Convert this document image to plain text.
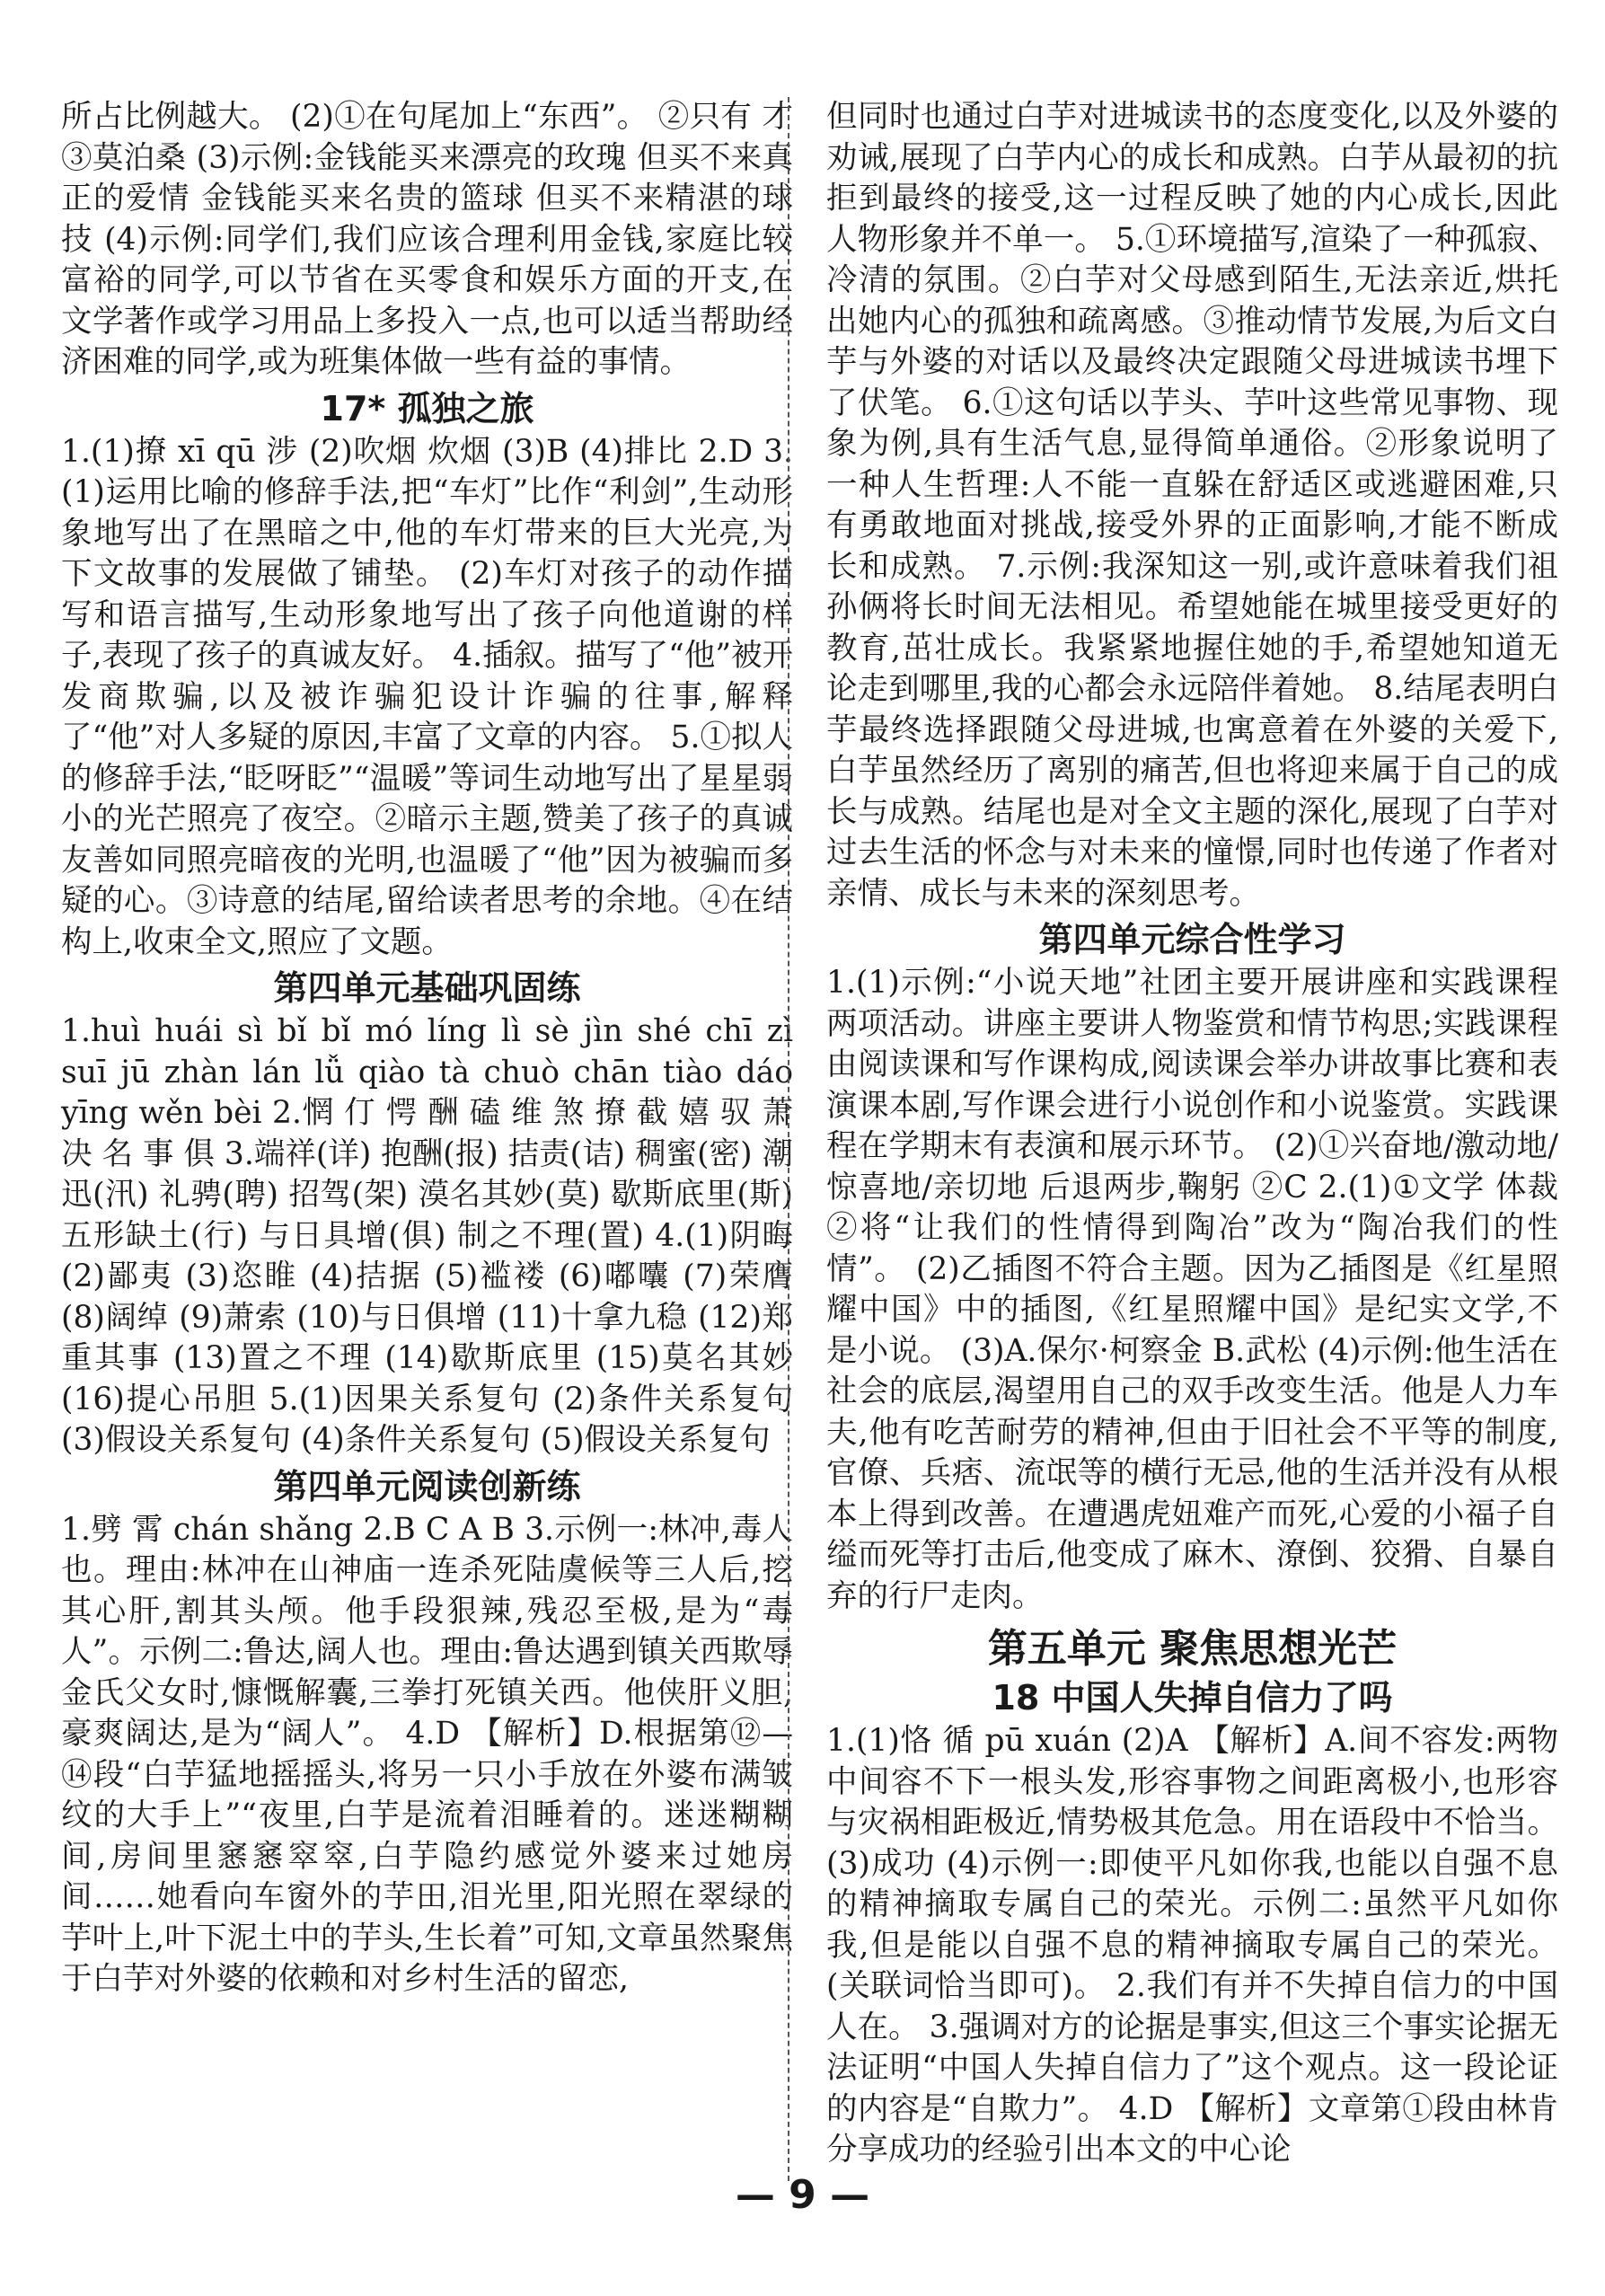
所占比例越大。 (2)①在句尾加上“东西”。 ②只有 才 ③莫泊桑 (3)示例:金钱能买来漂亮的玫瑰 但买不来真正的爱情 金钱能买来名贵的篮球 但买不来精湛的球技 (4)示例:同学们,我们应该合理利用金钱,家庭比较富裕的同学,可以节省在买零食和娱乐方面的开支,在文学著作或学习用品上多投入一点,也可以适当帮助经济困难的同学,或为班集体做一些有益的事情。

17* 孤独之旅

1.(1)撩 xī qū 涉 (2)吹烟 炊烟 (3)B (4)排比 2.D 3.(1)运用比喻的修辞手法,把“车灯”比作“利剑”,生动形象地写出了在黑暗之中,他的车灯带来的巨大光亮,为下文故事的发展做了铺垫。 (2)车灯对孩子的动作描写和语言描写,生动形象地写出了孩子向他道谢的样子,表现了孩子的真诚友好。 4.插叙。描写了“他”被开发商欺骗,以及被诈骗犯设计诈骗的往事,解释了“他”对人多疑的原因,丰富了文章的内容。 5.①拟人的修辞手法,“眨呀眨”“温暖”等词生动地写出了星星弱小的光芒照亮了夜空。②暗示主题,赞美了孩子的真诚友善如同照亮暗夜的光明,也温暖了“他”因为被骗而多疑的心。③诗意的结尾,留给读者思考的余地。④在结构上,收束全文,照应了文题。

第四单元基础巩固练

1.huì huái sì bǐ bǐ mó líng lì sè jìn shé chī zì suī jū zhàn lán lǚ qiào tà chuò chān tiào dáo yīng wěn bèi 2.惘 仃 愕 酬 磕 维 煞 撩 截 嬉 驭 萧 决 名 事 俱 3.端祥(详) 抱酬(报) 拮责(诘) 稠蜜(密) 潮迅(汛) 礼骋(聘) 招驾(架) 漠名其妙(莫) 歇斯底里(斯) 五形缺土(行) 与日具增(俱) 制之不理(置) 4.(1)阴晦 (2)鄙夷 (3)恣睢 (4)拮据 (5)褴褛 (6)嘟囔 (7)荣膺 (8)阔绰 (9)萧索 (10)与日俱增 (11)十拿九稳 (12)郑重其事 (13)置之不理 (14)歇斯底里 (15)莫名其妙 (16)提心吊胆 5.(1)因果关系复句 (2)条件关系复句 (3)假设关系复句 (4)条件关系复句 (5)假设关系复句

第四单元阅读创新练

1.劈 霄 chán shǎng 2.B C A B 3.示例一:林冲,毒人也。理由:林冲在山神庙一连杀死陆虞候等三人后,挖其心肝,割其头颅。他手段狠辣,残忍至极,是为“毒人”。示例二:鲁达,阔人也。理由:鲁达遇到镇关西欺辱金氏父女时,慷慨解囊,三拳打死镇关西。他侠肝义胆,豪爽阔达,是为“阔人”。 4.D 【解析】D.根据第⑫—⑭段“白芋猛地摇摇头,将另一只小手放在外婆布满皱纹的大手上”“夜里,白芋是流着泪睡着的。迷迷糊糊间,房间里窸窸窣窣,白芋隐约感觉外婆来过她房间……她看向车窗外的芋田,泪光里,阳光照在翠绿的芋叶上,叶下泥土中的芋头,生长着”可知,文章虽然聚焦于白芋对外婆的依赖和对乡村生活的留恋,

但同时也通过白芋对进城读书的态度变化,以及外婆的劝诫,展现了白芋内心的成长和成熟。白芋从最初的抗拒到最终的接受,这一过程反映了她的内心成长,因此人物形象并不单一。 5.①环境描写,渲染了一种孤寂、冷清的氛围。②白芋对父母感到陌生,无法亲近,烘托出她内心的孤独和疏离感。③推动情节发展,为后文白芋与外婆的对话以及最终决定跟随父母进城读书埋下了伏笔。 6.①这句话以芋头、芋叶这些常见事物、现象为例,具有生活气息,显得简单通俗。②形象说明了一种人生哲理:人不能一直躲在舒适区或逃避困难,只有勇敢地面对挑战,接受外界的正面影响,才能不断成长和成熟。 7.示例:我深知这一别,或许意味着我们祖孙俩将长时间无法相见。希望她能在城里接受更好的教育,茁壮成长。我紧紧地握住她的手,希望她知道无论走到哪里,我的心都会永远陪伴着她。 8.结尾表明白芋最终选择跟随父母进城,也寓意着在外婆的关爱下,白芋虽然经历了离别的痛苦,但也将迎来属于自己的成长与成熟。结尾也是对全文主题的深化,展现了白芋对过去生活的怀念与对未来的憧憬,同时也传递了作者对亲情、成长与未来的深刻思考。

第四单元综合性学习

1.(1)示例:“小说天地”社团主要开展讲座和实践课程两项活动。讲座主要讲人物鉴赏和情节构思;实践课程由阅读课和写作课构成,阅读课会举办讲故事比赛和表演课本剧,写作课会进行小说创作和小说鉴赏。实践课程在学期末有表演和展示环节。 (2)①兴奋地/激动地/惊喜地/亲切地 后退两步,鞠躬 ②C 2.(1)①文学 体裁 ②将“让我们的性情得到陶冶”改为“陶冶我们的性情”。 (2)乙插图不符合主题。因为乙插图是《红星照耀中国》中的插图,《红星照耀中国》是纪实文学,不是小说。 (3)A.保尔·柯察金 B.武松 (4)示例:他生活在社会的底层,渴望用自己的双手改变生活。他是人力车夫,他有吃苦耐劳的精神,但由于旧社会不平等的制度,官僚、兵痞、流氓等的横行无忌,他的生活并没有从根本上得到改善。在遭遇虎妞难产而死,心爱的小福子自缢而死等打击后,他变成了麻木、潦倒、狡猾、自暴自弃的行尸走肉。

第五单元 聚焦思想光芒
18 中国人失掉自信力了吗

1.(1)恪 循 pū xuán (2)A 【解析】A.间不容发:两物中间容不下一根头发,形容事物之间距离极小,也形容与灾祸相距极近,情势极其危急。用在语段中不恰当。 (3)成功 (4)示例一:即使平凡如你我,也能以自强不息的精神摘取专属自己的荣光。示例二:虽然平凡如你我,但是能以自强不息的精神摘取专属自己的荣光。(关联词恰当即可)。 2.我们有并不失掉自信力的中国人在。 3.强调对方的论据是事实,但这三个事实论据无法证明“中国人失掉自信力了”这个观点。这一段论证的内容是“自欺力”。 4.D 【解析】文章第①段由林肯分享成功的经验引出本文的中心论

— 9 —
